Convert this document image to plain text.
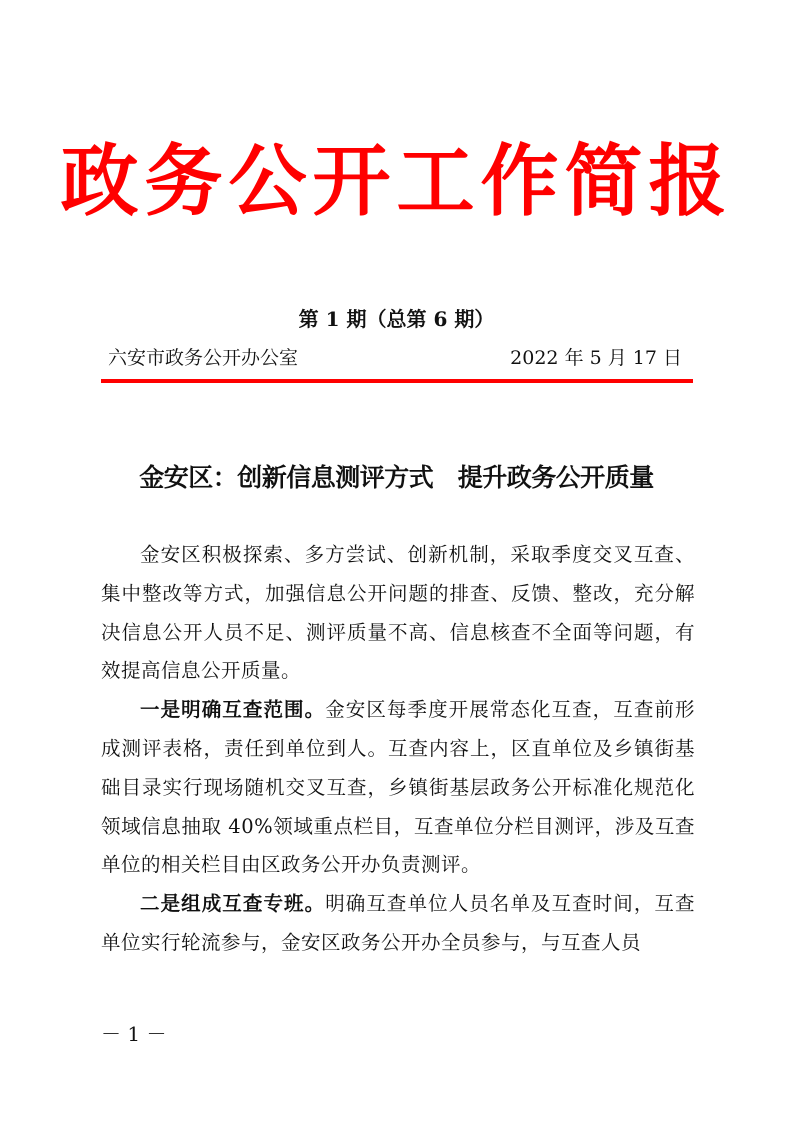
政务公开工作简报
第 1 期（总第 6 期）
六安市政务公开办公室	2022 年 5 月 17 日
金安区：创新信息测评方式　提升政务公开质量

金安区积极探索、多方尝试、创新机制，采取季度交叉互查、集中整改等方式，加强信息公开问题的排查、反馈、整改，充分解决信息公开人员不足、测评质量不高、信息核查不全面等问题，有效提高信息公开质量。

一是明确互查范围。金安区每季度开展常态化互查，互查前形成测评表格，责任到单位到人。互查内容上，区直单位及乡镇街基础目录实行现场随机交叉互查，乡镇街基层政务公开标准化规范化领域信息抽取 40%领域重点栏目，互查单位分栏目测评，涉及互查单位的相关栏目由区政务公开办负责测评。

二是组成互查专班。明确互查单位人员名单及互查时间，互查单位实行轮流参与，金安区政务公开办全员参与，与互查人员

－ 1 －
